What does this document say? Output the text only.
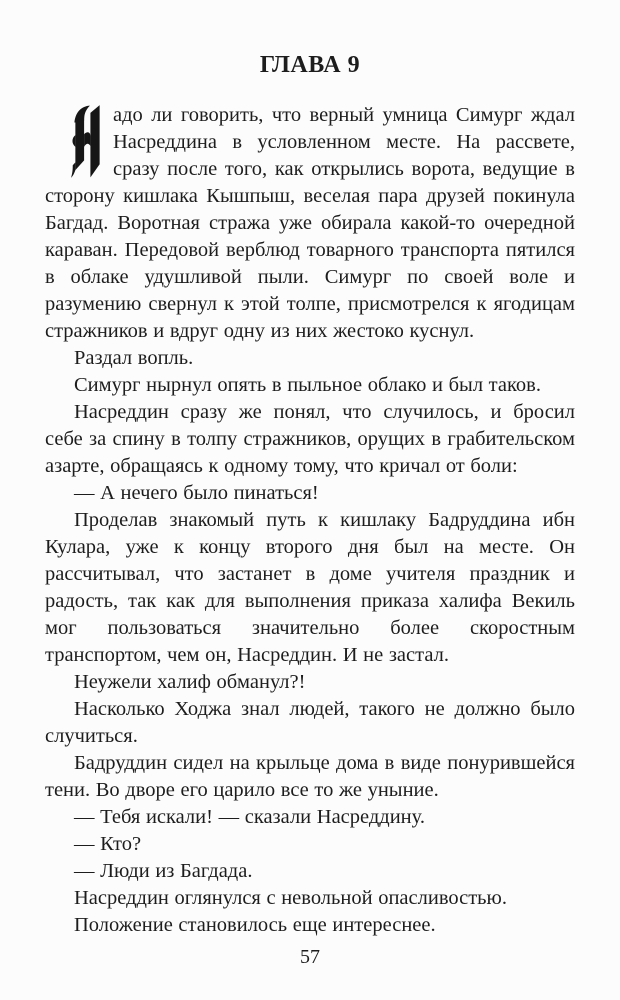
ГЛАВА 9

адо ли говорить, что верный умница Симург ждал Насреддина в условленном месте. На рассвете, сразу после того, как открылись ворота, ведущие в сторону кишлака Кышпыш, веселая пара друзей покинула Багдад. Воротная стража уже обирала какой-то очередной караван. Передовой верблюд товарного транспорта пятился в облаке удушливой пыли. Симург по своей воле и разумению свернул к этой толпе, присмотрелся к ягодицам стражников и вдруг одну из них жестоко куснул.

Раздал вопль.

Симург нырнул опять в пыльное облако и был таков.

Насреддин сразу же понял, что случилось, и бросил себе за спину в толпу стражников, орущих в грабительском азарте, обращаясь к одному тому, что кричал от боли:

— А нечего было пинаться!

Проделав знакомый путь к кишлаку Бадруддина ибн Кулара, уже к концу второго дня был на месте. Он рассчитывал, что застанет в доме учителя праздник и радость, так как для выполнения приказа халифа Векиль мог пользоваться значительно более скоростным транспортом, чем он, Насреддин. И не застал.

Неужели халиф обманул?!

Насколько Ходжа знал людей, такого не должно было случиться.

Бадруддин сидел на крыльце дома в виде понурившейся тени. Во дворе его царило все то же уныние.

— Тебя искали! — сказали Насреддину.

— Кто?

— Люди из Багдада.

Насреддин оглянулся с невольной опасливостью.

Положение становилось еще интереснее.

57
